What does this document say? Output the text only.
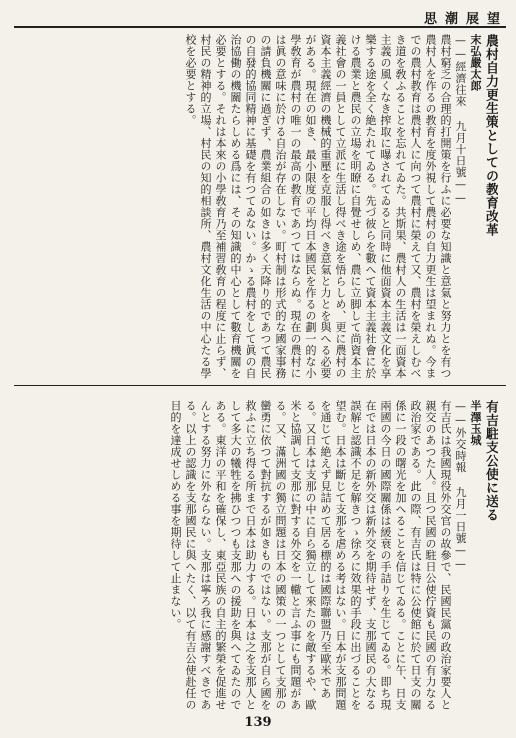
思潮展望

農村自力更生策としての教育改革

末弘嚴太郎

——經濟往來 九月十日號——

農村窮乏の合理的打開策を行ふに必要な知識と意氣と努力とを有つ農村人を作るの教育を度外視して農村の自力更生は望まれぬ。今までの農村教育は農村人に向つて農村に榮えて又、農村を榮えしむべき道を敎ふることを忘れてゐた。共斯果、農村人の生活は一面資本主義の風くなき搾取に曝されてゐると同時に他面資本主義文化を享樂する途を全く絶たれてゐる。先づ彼らを數へて資本主義社會に於ける農業と農民の立場を明瞭に自覺せしめ、農に立脚して尚資本主義社會の一員として立派に生活し得べき途を悟らしめ、更に農村の資本主義經濟の機械的重壓を克服し得べき意氣と力とを與へる必要がある。現在の如き、最小限度の平均日本國民を作るの劃一的な小學敎育が農村の唯一の最高の教育であつてはならぬ。現在の農村には眞の意味に於ける自治が存在しない。町村制は形式的な國家事務の請負機關に過ぎず、農業組合の如きは多く天降り的であつて農民の自發的協同精神に基礎を有つてゐない。かゝる農村をして眞の自治協働の機關たらしめる爲には、その知識的中心として數育機關を必要とする。それは本來の小學敎育乃至補習敎育の程度に止らず、村民の精神的立場、村民の知的相談所、農村文化生活の中心たる學校を必要とする。

有吉駐支公使に送る

半澤玉城

——外交時報 九月一日號——

有吉氏は我國現役外交官の故參で、民國民黨の政治家要人と親交のあつた人。且つ民國の駐日公使佇資も民國の有力なる政治家である。此の際、有吉氏は特に公使館に於て日支の關係に一段の曙光を加へることを信じてゐる。ことに午、日支兩國の今日の國際關係は緩衰の手詰りを生じてゐる。即ち現在では日本の新外交は新外交を期待せず、支那國民の大なる誤解と認識不足を解きつゝ徐ろに效果的手段に出づることを望む。日本は斷じて支那を虐める考はない。日本が支那問題を通じて絶えず見詰めて居る標的は國際聯盟乃至歐米である。又日本は支那の中に自ら獨立して來たのを敵するや、歐米と協調して支那に對する外交を一轍と言ふ事にも問題がある。又、滿洲國の獨立問題は日本の國策の一つとして支那の蠻勇に依つて對抗するが如きものではない。支那が自ら國を救ふに立ち得る所まで日本は助力する。日本は之を支那人として多大の犧牲を拂ひつつも支那への援助を與へてゐたのである。東洋の平和を確保し、東亞民族の自主的繁榮を促進せんとする努力に外ならない。支那は寧ろ我に感謝すべきである。以上の認識を支那國民に與へたく、以て有吉公使赴任の目的を達成せしめる事を期待して止まない。

139
